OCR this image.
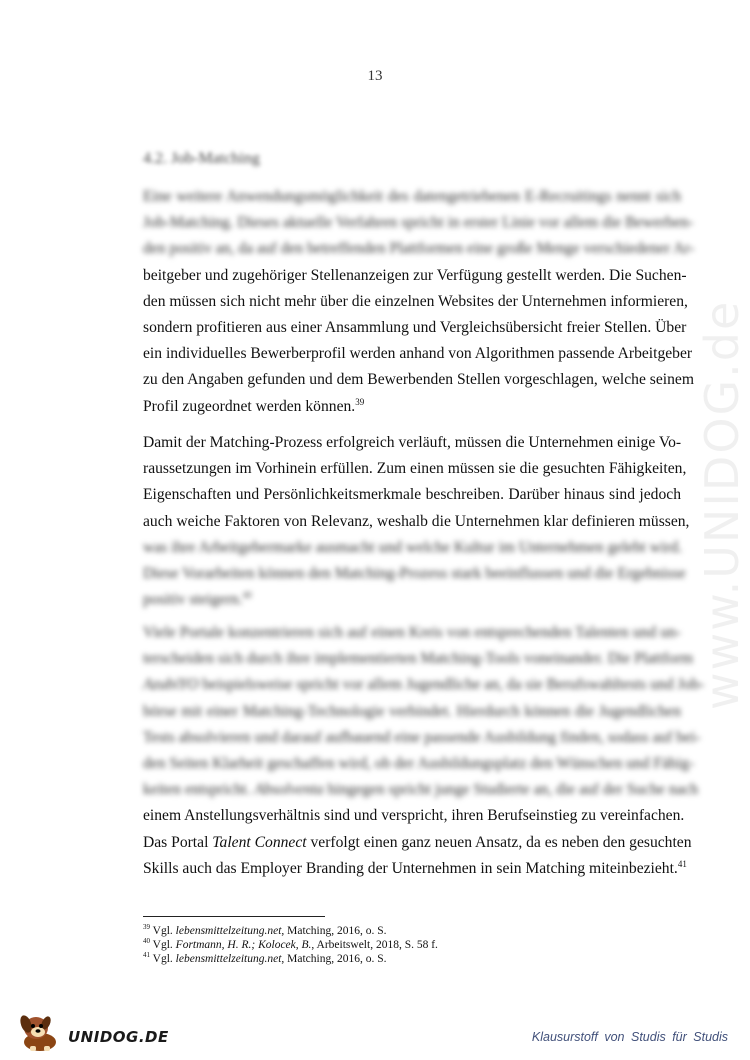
13
4.2. Job-Matching
Eine weitere Anwendungsmöglichkeit des datengetriebenen E-Recruitings nennt sich
Job-Matching. Dieses aktuelle Verfahren spricht in erster Linie vor allem die Bewerben-
den positiv an, da auf den betreffenden Plattformen eine große Menge verschiedener Ar-
beitgeber und zugehöriger Stellenanzeigen zur Verfügung gestellt werden. Die Suchen-
den müssen sich nicht mehr über die einzelnen Websites der Unternehmen informieren,
sondern profitieren aus einer Ansammlung und Vergleichsübersicht freier Stellen. Über
ein individuelles Bewerberprofil werden anhand von Algorithmen passende Arbeitgeber
zu den Angaben gefunden und dem Bewerbenden Stellen vorgeschlagen, welche seinem
Profil zugeordnet werden können.$^{39}$
Damit der Matching-Prozess erfolgreich verläuft, müssen die Unternehmen einige Vo-
raussetzungen im Vorhinein erfüllen. Zum einen müssen sie die gesuchten Fähigkeiten,
Eigenschaften und Persönlichkeitsmerkmale beschreiben. Darüber hinaus sind jedoch
auch weiche Faktoren von Relevanz, weshalb die Unternehmen klar definieren müssen,
was ihre Arbeitgebermarke ausmacht und welche Kultur im Unternehmen gelebt wird.
Diese Vorarbeiten können den Matching-Prozess stark beeinflussen und die Ergebnisse
positiv steigern.$^{40}$
Viele Portale konzentrieren sich auf einen Kreis von entsprechenden Talenten und un-
terscheiden sich durch ihre implementierten Matching-Tools voneinander. Die Plattform
AzubiYO beispielsweise spricht vor allem Jugendliche an, da sie Berufswahltests und Job-
börse mit einer Matching-Technologie verbindet. Hierdurch können die Jugendlichen
Tests absolvieren und darauf aufbauend eine passende Ausbildung finden, sodass auf bei-
den Seiten Klarheit geschaffen wird, ob der Ausbildungsplatz den Wünschen und Fähig-
keiten entspricht. Absolventa hingegen spricht junge Studierte an, die auf der Suche nach
einem Anstellungsverhältnis sind und verspricht, ihren Berufseinstieg zu vereinfachen.
Das Portal Talent Connect verfolgt einen ganz neuen Ansatz, da es neben den gesuchten
Skills auch das Employer Branding der Unternehmen in sein Matching miteinbezieht.$^{41}$
$^{39}$ Vgl. lebensmittelzeitung.net, Matching, 2016, o. S.
$^{40}$ Vgl. Fortmann, H. R.; Kolocek, B., Arbeitswelt, 2018, S. 58 f.
$^{41}$ Vgl. lebensmittelzeitung.net, Matching, 2016, o. S.
www.UNIDOG.de
UNIDOG.DE	Klausurstoff von Studis für Studis
